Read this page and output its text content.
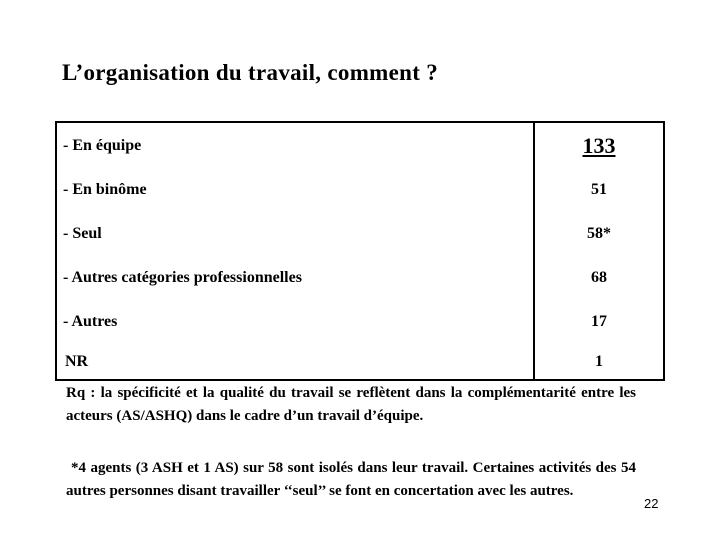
L’organisation du travail, comment ?
- En équipe	133
- En binôme	51
- Seul	58*
- Autres catégories professionnelles	68
- Autres	17
NR	1
Rq : la spécificité et la qualité du travail se reflètent dans la complémentarité entre les acteurs (AS/ASHQ) dans le cadre d’un travail d’équipe.
*4 agents (3 ASH et 1 AS) sur 58 sont isolés dans leur travail. Certaines activités des 54 autres personnes disant travailler ‘‘seul’’ se font en concertation avec les autres.
22
